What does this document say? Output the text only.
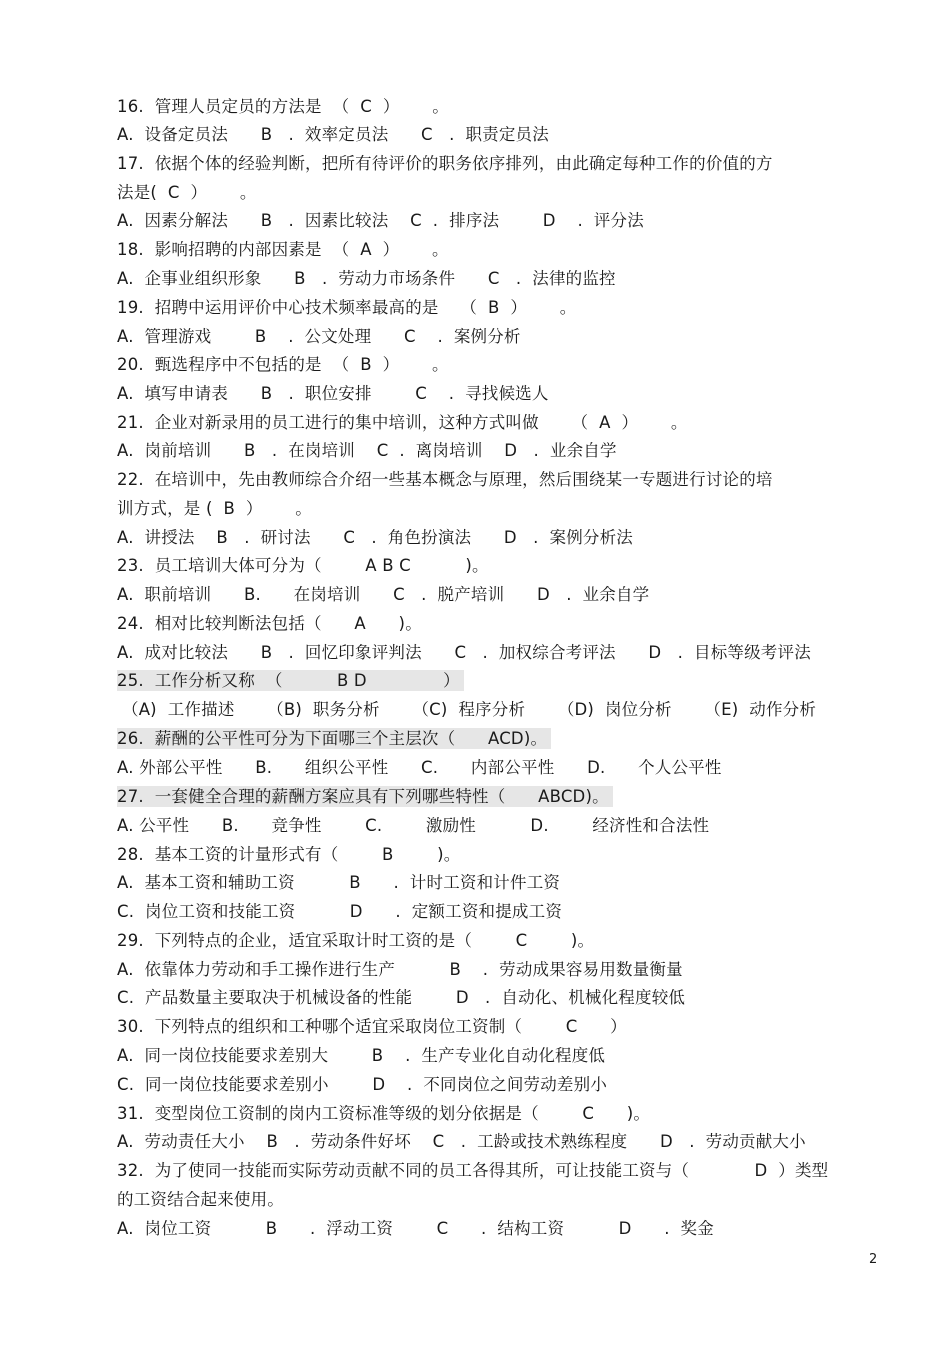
16.  管理人员定员的方法是  （  C  ）      。
A.  设备定员法      B   .  效率定员法      C   .  职责定员法
17.  依据个体的经验判断，把所有待评价的职务依序排列，由此确定每种工作的价值的方
法是(  C  ）      。
A.  因素分解法      B   .  因素比较法    C  .  排序法        D    .  评分法
18.  影响招聘的内部因素是  （  A  ）      。
A.  企事业组织形象      B   .  劳动力市场条件      C   .  法律的监控
19.  招聘中运用评价中心技术频率最高的是    （  B  ）      。
A.  管理游戏        B    .  公文处理      C    .  案例分析
20.  甄选程序中不包括的是  （  B  ）      。
A.  填写申请表      B   .  职位安排        C    .  寻找候选人
21.  企业对新录用的员工进行的集中培训，这种方式叫做      （  A  ）      。
A.  岗前培训      B   .  在岗培训    C  .  离岗培训    D   .  业余自学
22.  在培训中，先由教师综合介绍一些基本概念与原理，然后围绕某一专题进行讨论的培
训方式，是 (  B  ）      。
A.  讲授法    B   .  研讨法      C   .  角色扮演法      D   .  案例分析法
23.  员工培训大体可分为（        A B C          )。
A.  职前培训      B.      在岗培训      C   .  脱产培训      D   .  业余自学
24.  相对比较判断法包括（      A      )。
A.  成对比较法      B   .  回忆印象评判法      C   .  加权综合考评法      D   .  目标等级考评法
25.  工作分析又称  （          B D              ）
（A)  工作描述      （B)  职务分析      （C)  程序分析      （D)  岗位分析      （E)  动作分析
26.  薪酬的公平性可分为下面哪三个主层次（      ACD)。
A. 外部公平性      B.      组织公平性      C.      内部公平性      D.      个人公平性
27.  一套健全合理的薪酬方案应具有下列哪些特性（      ABCD)。
A. 公平性      B.      竞争性        C.        激励性          D.        经济性和合法性
28.  基本工资的计量形式有（        B        )。
A.  基本工资和辅助工资          B      .  计时工资和计件工资
C.  岗位工资和技能工资          D      .  定额工资和提成工资
29.  下列特点的企业，适宜采取计时工资的是（        C        )。
A.  依靠体力劳动和手工操作进行生产          B    .  劳动成果容易用数量衡量
C.  产品数量主要取决于机械设备的性能        D   .  自动化、机械化程度较低
30.  下列特点的组织和工种哪个适宜采取岗位工资制（        C      ）
A.  同一岗位技能要求差别大        B    .  生产专业化自动化程度低
C.  同一岗位技能要求差别小        D    .  不同岗位之间劳动差别小
31.  变型岗位工资制的岗内工资标准等级的划分依据是（        C      )。
A.  劳动责任大小    B   .  劳动条件好坏    C   .  工龄或技术熟练程度      D   .  劳动贡献大小
32.  为了使同一技能而实际劳动贡献不同的员工各得其所，可让技能工资与（            D  ）类型
的工资结合起来使用。
A.  岗位工资          B      .  浮动工资        C      .  结构工资          D      .  奖金
2
